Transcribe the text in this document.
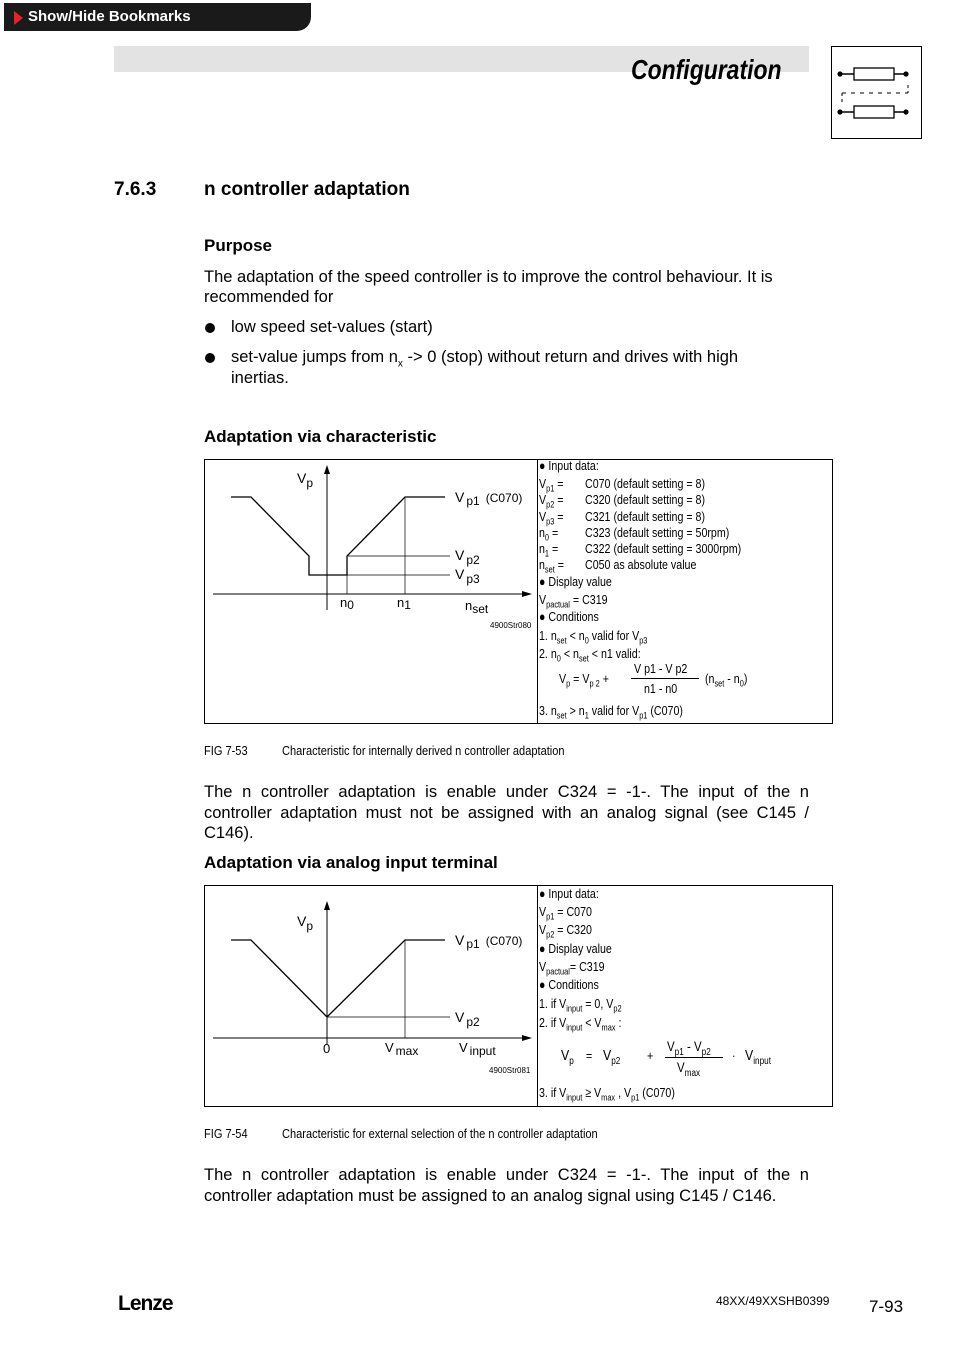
Show/Hide Bookmarks
Configuration
7.6.3	n controller adaptation
Purpose
The adaptation of the speed controller is to improve the control behaviour. It is
recommended for
low speed set-values (start)
set-value jumps from $n_x -> 0$ (stop) without return and drives with high
inertias.
Adaptation via characteristic
Vp
V p1 (C070)
V p2
V p3
n0	n1	nset
4900Str080
● Input data:
$V_{p1} = C070$ (default setting = 8)
$V_{p2} = C320$ (default setting = 8)
$V_{p3} = C321$ (default setting = 8)
$n_0 = C323$ (default setting = 50rpm)
$n_1 = C322$ (default setting = 3000rpm)
$n_{set} = C050$ as absolute value
● Display value
$V_{pactual} = C319$
● Conditions
1. $n_{set} < n_0$ valid for $V_{p3}$
2. $n_0 < n_{set} < n1$ valid:
$V_p = V_{p 2}$ +
V p1 - V p2
n1 - n0
$(n_{set} - n_0)$
3. $n_{set} > n_1$ valid for $V_{p1}$ (C070)
FIG 7-53	Characteristic for internally derived n controller adaptation
The n controller adaptation is enable under C324 = -1-. The input of the n
controller adaptation must not be assigned with an analog signal (see C145 /
C146).
Adaptation via analog input terminal
Vp
V p1 (C070)
V p2
0	V max	V input
4900Str081
● Input data:
$V_{p1} = C070$
$V_{p2} = C320$
● Display value
$V_{pactual}= C319$
● Conditions
1. if $V_{input} = 0$, $V_{p2}$
2. if $V_{input} < V_{max}$ :
$V_p = V_{p2}$ +
$V_{p1} - V_{p2}$
$V_{max}$
· $V_{input}$
3. if $V_{input} \ge V_{max}$ , $V_{p1}$ (C070)
FIG 7-54	Characteristic for external selection of the n controller adaptation
The n controller adaptation is enable under C324 = -1-. The input of the n
controller adaptation must be assigned to an analog signal using C145 / C146.
Lenze	48XX/49XXSHB0399 7-93
